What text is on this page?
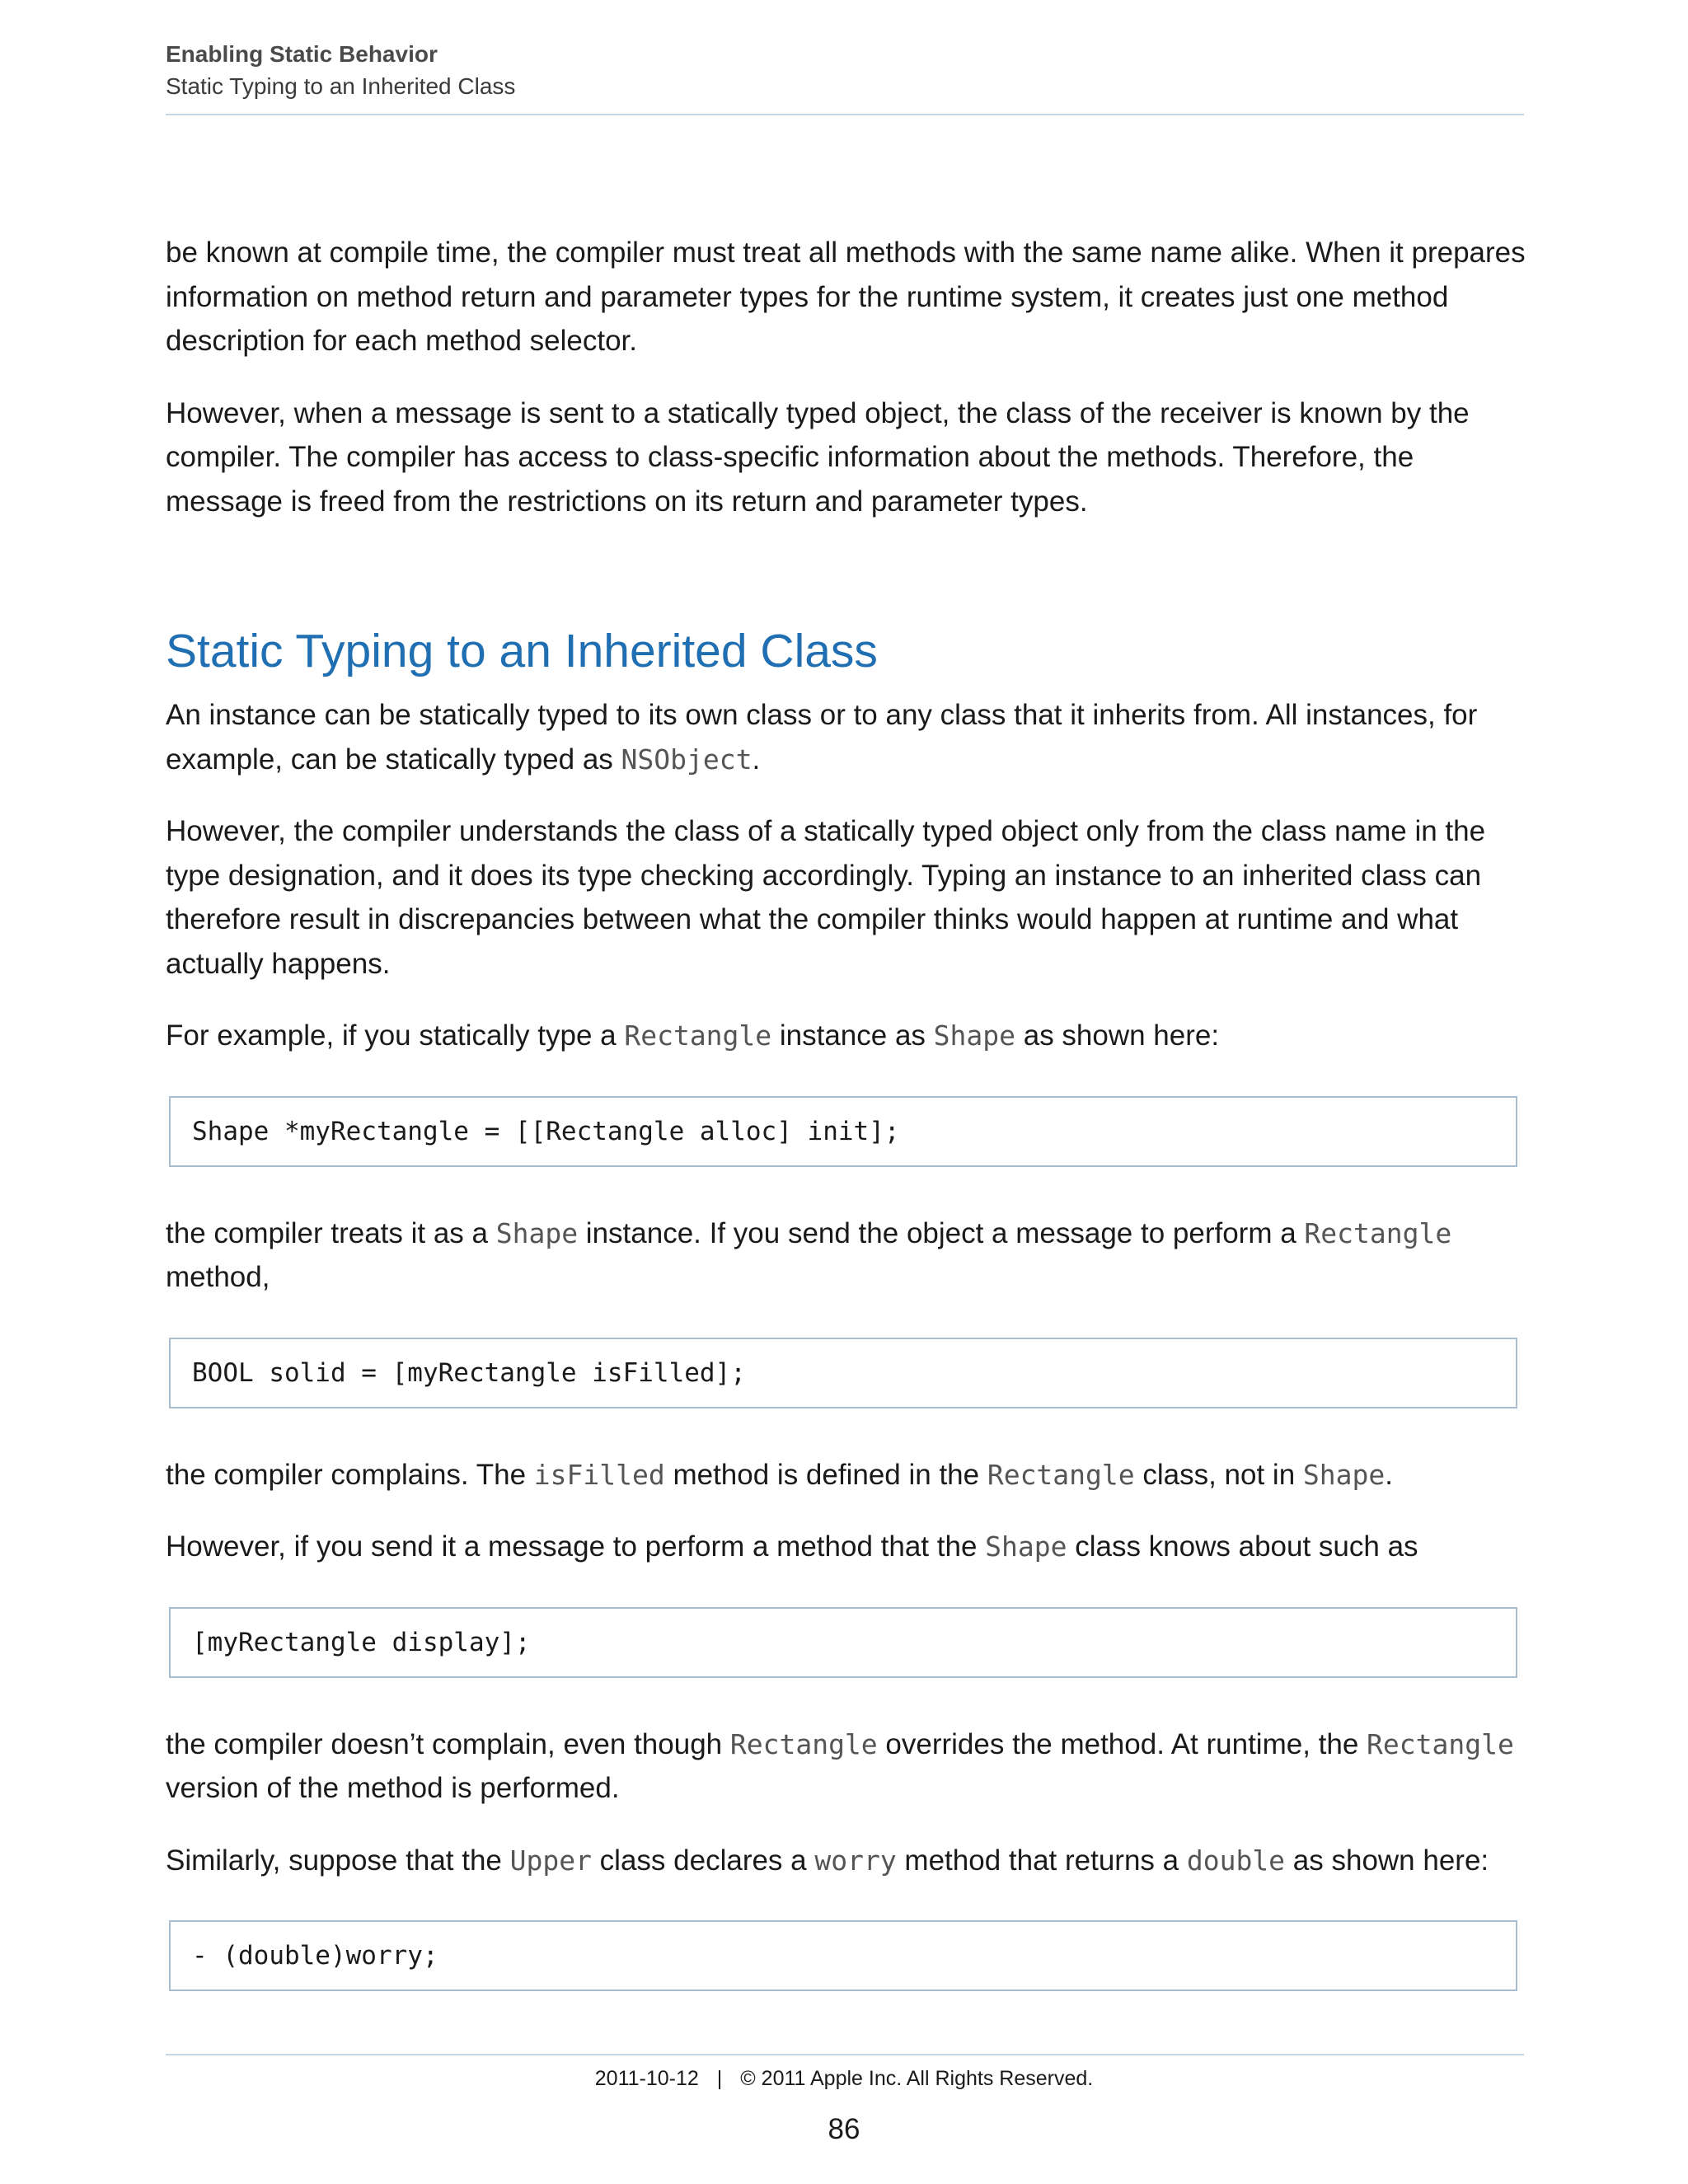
Enabling Static Behavior
Static Typing to an Inherited Class

be known at compile time, the compiler must treat all methods with the same name alike. When it prepares information on method return and parameter types for the runtime system, it creates just one method description for each method selector.

However, when a message is sent to a statically typed object, the class of the receiver is known by the compiler. The compiler has access to class-specific information about the methods. Therefore, the message is freed from the restrictions on its return and parameter types.

Static Typing to an Inherited Class

An instance can be statically typed to its own class or to any class that it inherits from. All instances, for example, can be statically typed as NSObject.

However, the compiler understands the class of a statically typed object only from the class name in the type designation, and it does its type checking accordingly. Typing an instance to an inherited class can therefore result in discrepancies between what the compiler thinks would happen at runtime and what actually happens.

For example, if you statically type a Rectangle instance as Shape as shown here:

Shape *myRectangle = [[Rectangle alloc] init];

the compiler treats it as a Shape instance. If you send the object a message to perform a Rectangle method,

BOOL solid = [myRectangle isFilled];

the compiler complains. The isFilled method is defined in the Rectangle class, not in Shape.

However, if you send it a message to perform a method that the Shape class knows about such as

[myRectangle display];

the compiler doesn’t complain, even though Rectangle overrides the method. At runtime, the Rectangle version of the method is performed.

Similarly, suppose that the Upper class declares a worry method that returns a double as shown here:

- (double)worry;
2011-10-12 | © 2011 Apple Inc. All Rights Reserved.
86
